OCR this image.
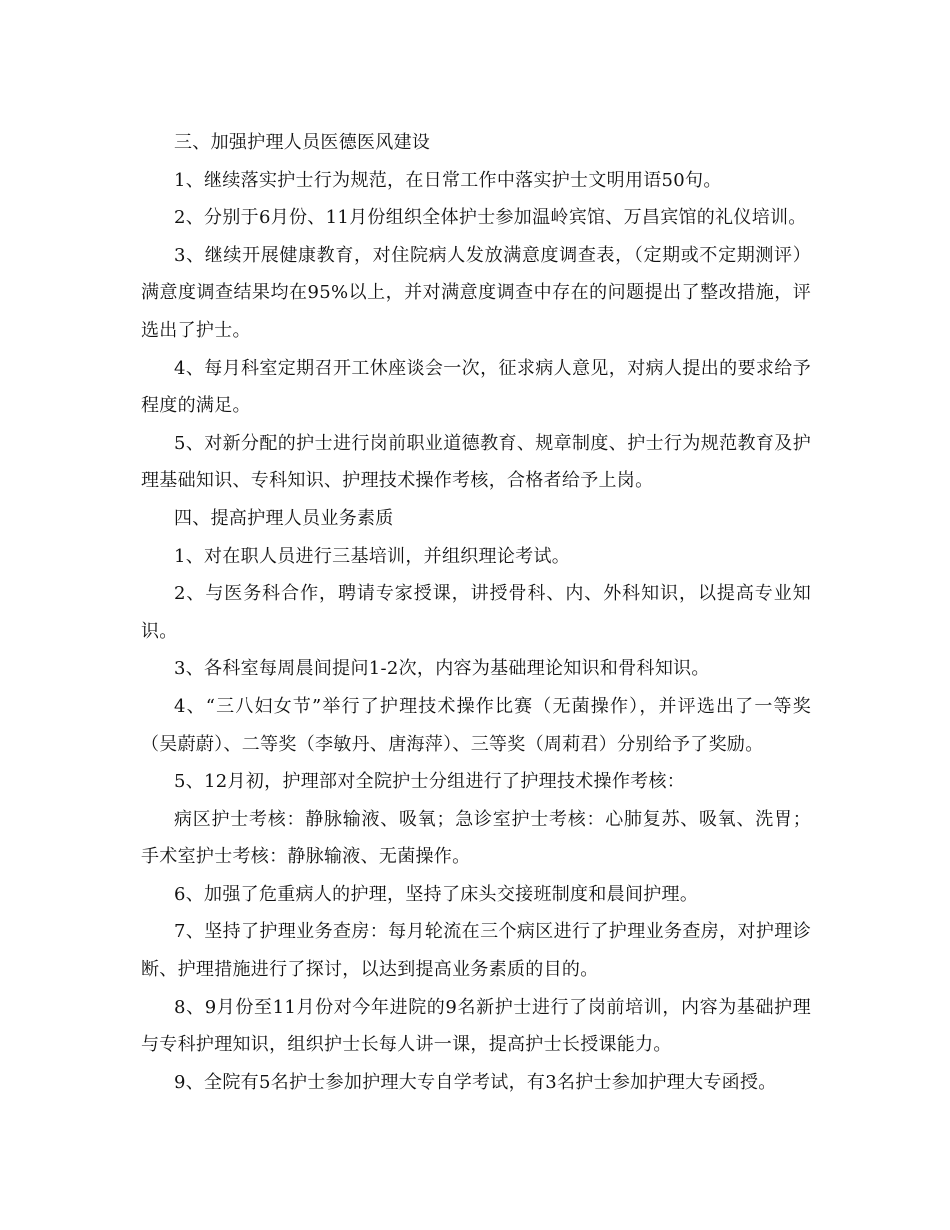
三、加强护理人员医德医风建设

1、继续落实护士行为规范，在日常工作中落实护士文明用语50句。

2、分别于6月份、11月份组织全体护士参加温岭宾馆、万昌宾馆的礼仪培训。

3、继续开展健康教育，对住院病人发放满意度调查表，（定期或不定期测评）满意度调查结果均在95%以上，并对满意度调查中存在的问题提出了整改措施，评选出了护士。

4、每月科室定期召开工休座谈会一次，征求病人意见，对病人提出的要求给予程度的满足。

5、对新分配的护士进行岗前职业道德教育、规章制度、护士行为规范教育及护理基础知识、专科知识、护理技术操作考核，合格者给予上岗。

四、提高护理人员业务素质

1、对在职人员进行三基培训，并组织理论考试。

2、与医务科合作，聘请专家授课，讲授骨科、内、外科知识，以提高专业知识。

3、各科室每周晨间提问1-2次，内容为基础理论知识和骨科知识。

4、“三八妇女节”举行了护理技术操作比赛（无菌操作），并评选出了一等奖（吴蔚蔚）、二等奖（李敏丹、唐海萍）、三等奖（周莉君）分别给予了奖励。

5、12月初，护理部对全院护士分组进行了护理技术操作考核：

病区护士考核：静脉输液、吸氧；急诊室护士考核：心肺复苏、吸氧、洗胃；手术室护士考核：静脉输液、无菌操作。

6、加强了危重病人的护理，坚持了床头交接班制度和晨间护理。

7、坚持了护理业务查房：每月轮流在三个病区进行了护理业务查房，对护理诊断、护理措施进行了探讨，以达到提高业务素质的目的。

8、9月份至11月份对今年进院的9名新护士进行了岗前培训，内容为基础护理与专科护理知识，组织护士长每人讲一课，提高护士长授课能力。

9、全院有5名护士参加护理大专自学考试，有3名护士参加护理大专函授。
